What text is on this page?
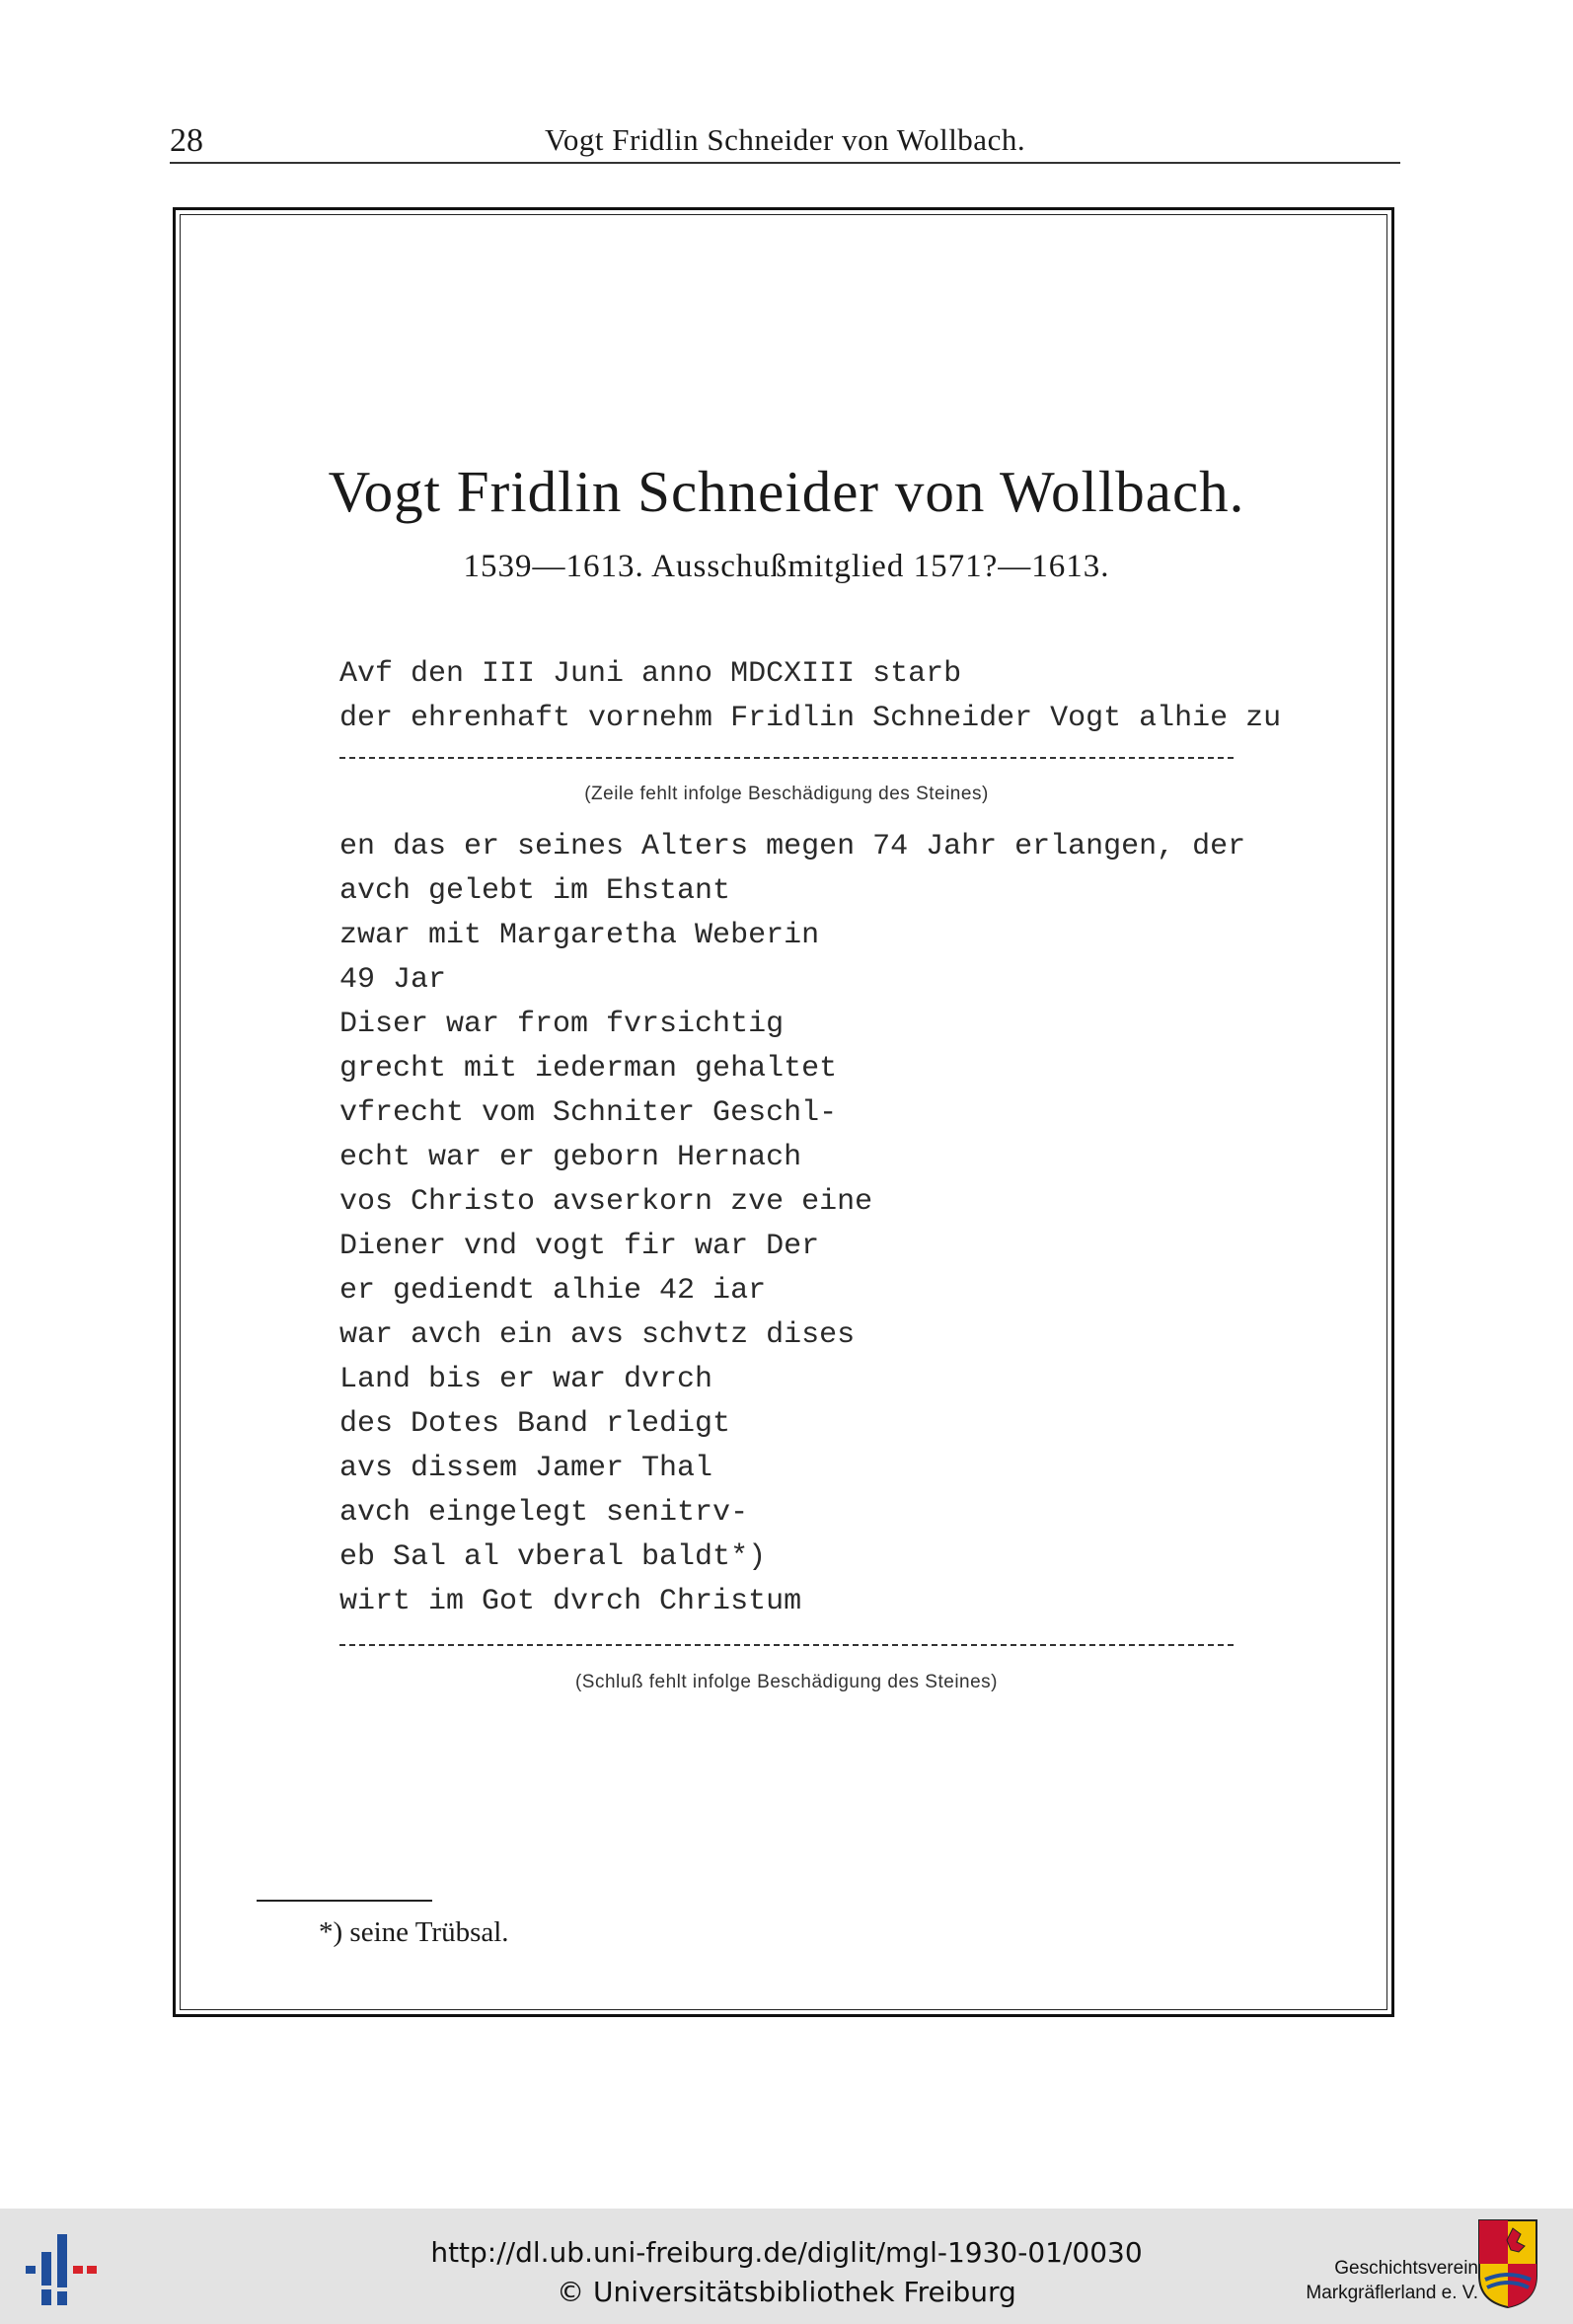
28	Vogt Fridlin Schneider von Wollbach.
Vogt Fridlin Schneider von Wollbach.
1539—1613. Ausschußmitglied 1571?—1613.
Avf den III Juni anno MDCXIII starb
der ehrenhaft vornehm Fridlin Schneider Vogt alhie zu
(Zeile fehlt infolge Beschädigung des Steines)
en das er seines Alters megen 74 Jahr erlangen, der
avch gelebt im Ehstant
zwar mit Margaretha Weberin
49 Jar
Diser war from fvrsichtig
grecht mit iederman gehaltet
vfrecht vom Schniter Geschl-
echt war er geborn Hernach
vos Christo avserkorn zve eine
Diener vnd vogt fir war Der
er gediendt alhie 42 iar
war avch ein avs schvtz dises
Land bis er war dvrch
des Dotes Band rledigt
avs dissem Jamer Thal
avch eingelegt senitrv-
eb Sal al vberal baldt*)
wirt im Got dvrch Christum
(Schluß fehlt infolge Beschädigung des Steines)
*) seine Trübsal.
http://dl.ub.uni-freiburg.de/diglit/mgl-1930-01/0030
© Universitätsbibliothek Freiburg
Geschichtsverein
Markgräflerland e. V.
